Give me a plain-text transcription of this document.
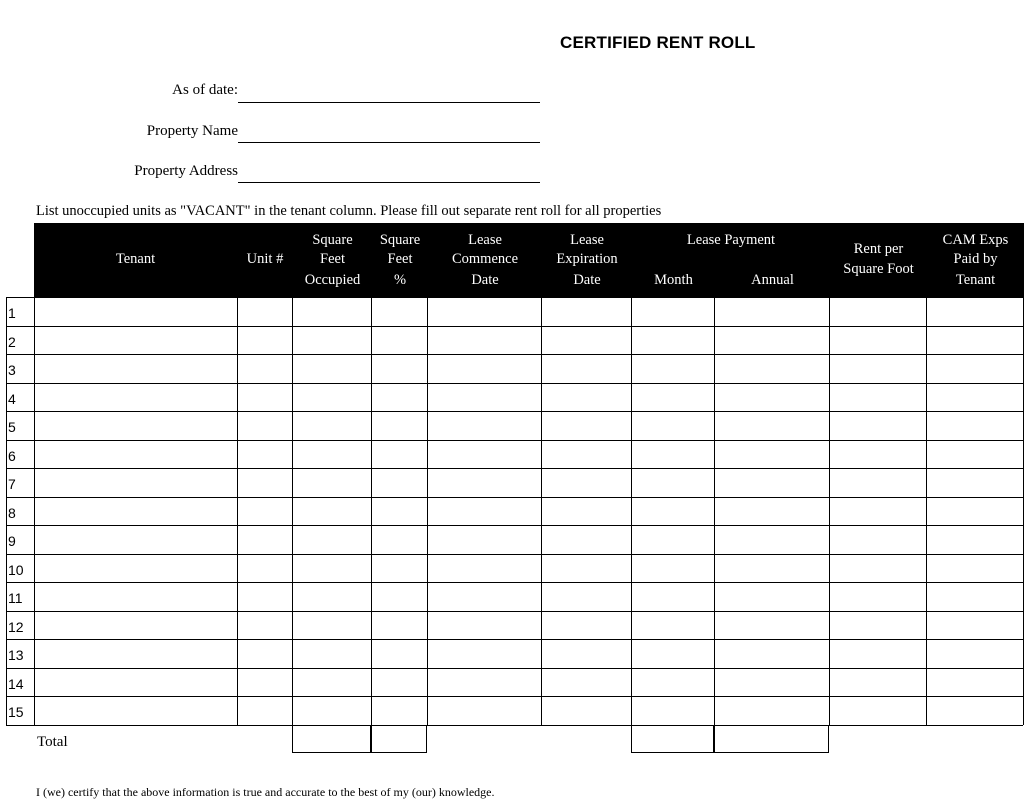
CERTIFIED RENT ROLL
As of date:
Property Name
Property Address
List unoccupied units as "VACANT" in the tenant column. Please fill out separate rent roll for all properties
Tenant	Unit #
Square
Feet
Occupied
Square
Feet
%
Lease
Commence
Date
Lease
Expiration
Date
Lease Payment
Month	Annual
Rent per
Square Foot
CAM Exps
Paid by
Tenant
1
2
3
4
5
6
7
8
9
10
11
12
13
14
15
Total
I (we) certify that the above information is true and accurate to the best of my (our) knowledge.
